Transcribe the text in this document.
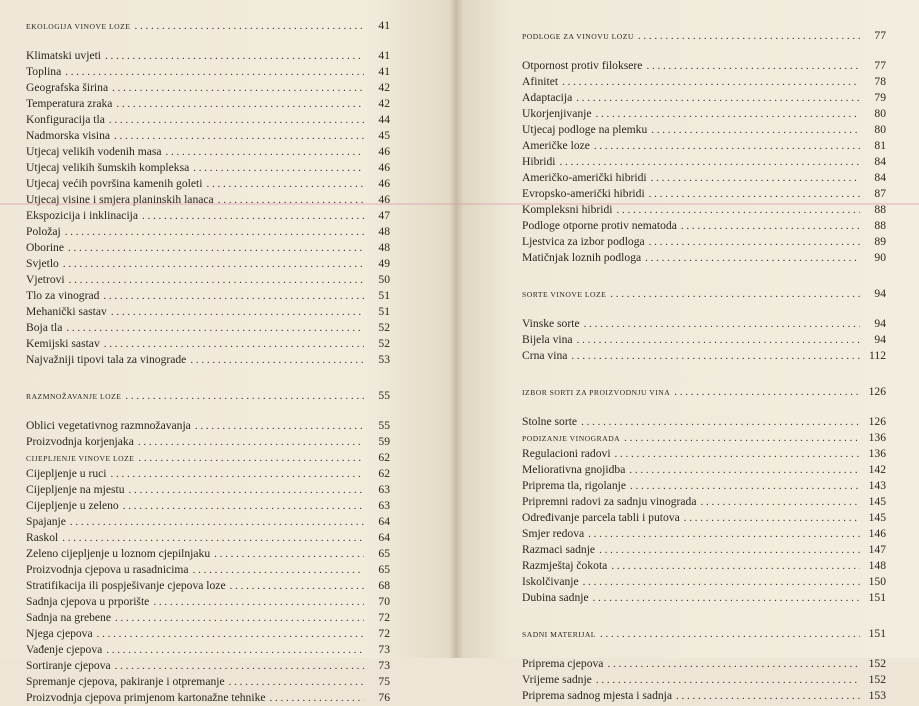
EKOLOGIJA VINOVE LOZE . . .	41
Klimatski uvjeti . . .	41
Toplina . . .	41
Geografska širina . . .	42
Temperatura zraka . . .	42
Konfiguracija tla . . .	44
Nadmorska visina . . .	45
Utjecaj velikih vodenih masa . . .	46
Utjecaj velikih šumskih kompleksa . . .	46
Utjecaj većih površina kamenih goleti . . .	46
Utjecaj visine i smjera planinskih lanaca . . .	46
Ekspozicija i inklinacija . . .	47
Položaj . . .	48
Oborine . . .	48
Svjetlo . . .	49
Vjetrovi . . .	50
Tlo za vinograd . . .	51
Mehanički sastav . . .	51
Boja tla . . .	52
Kemijski sastav . . .	52
Najvažniji tipovi tala za vinograde . . .	53
RAZMNOŽAVANJE LOZE . . .	55
Oblici vegetativnog razmnožavanja . . .	55
Proizvodnja korjenjaka . . .	59
CIJEPLJENJE VINOVE LOZE . . .	62
Cijepljenje u ruci . . .	62
Cijepljenje na mjestu . . .	63
Cijepljenje u zeleno . . .	63
Spajanje . . .	64
Raskol . . .	64
Zeleno cijepljenje u loznom cjepilnjaku . . .	65
Proizvodnja cjepova u rasadnicima . . .	65
Stratifikacija ili pospješivanje cjepova loze . . .	68
Sadnja cjepova u prporište . . .	70
Sadnja na grebene . . .	72
Njega cjepova . . .	72
Vađenje cjepova . . .	73
Sortiranje cjepova . . .	73
Spremanje cjepova, pakiranje i otpremanje . . .	75
Proizvodnja cjepova primjenom kartonažne tehnike . . .	76
PODLOGE ZA VINOVU LOZU . . .	77
Otpornost protiv filoksere . . .	77
Afinitet . . .	78
Adaptacija . . .	79
Ukorjenjivanje . . .	80
Utjecaj podloge na plemku . . .	80
Američke loze . . .	81
Hibridi . . .	84
Američko-američki hibridi . . .	84
Evropsko-američki hibridi . . .	87
Kompleksni hibridi . . .	88
Podloge otporne protiv nematoda . . .	88
Ljestvica za izbor podloga . . .	89
Matičnjak loznih podloga . . .	90
SORTE VINOVE LOZE . . .	94
Vinske sorte . . .	94
Bijela vina . . .	94
Crna vina . . .	112
IZBOR SORTI ZA PROIZVODNJU VINA . . .	126
Stolne sorte . . .	126
PODIZANJE VINOGRADA . . .	136
Regulacioni radovi . . .	136
Meliorativna gnojidba . . .	142
Priprema tla, rigolanje . . .	143
Pripremni radovi za sadnju vinograda . . .	145
Određivanje parcela tabli i putova . . .	145
Smjer redova . . .	146
Razmaci sadnje . . .	147
Razmještaj čokota . . .	148
Iskolčivanje . . .	150
Dubina sadnje . . .	151
SADNI MATERIJAL . . .	151
Priprema cjepova . . .	152
Vrijeme sadnje . . .	152
Priprema sadnog mjesta i sadnja . . .	153
